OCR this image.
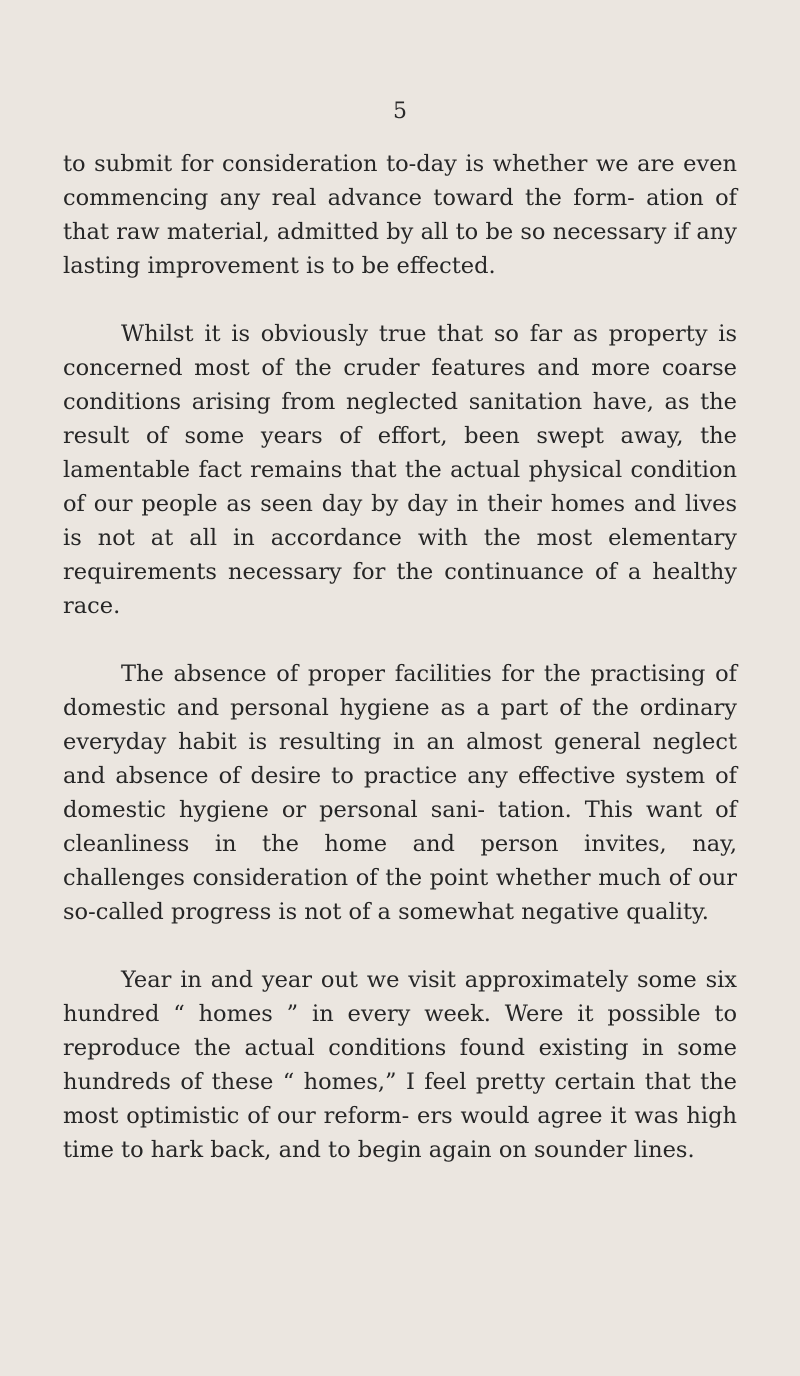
5

to submit for consideration to-day is whether we are even commencing any real advance toward the form- ation of that raw material, admitted by all to be so necessary if any lasting improvement is to be effected.

Whilst it is obviously true that so far as property is concerned most of the cruder features and more coarse conditions arising from neglected sanitation have, as the result of some years of effort, been swept away, the lamentable fact remains that the actual physical condition of our people as seen day by day in their homes and lives is not at all in accordance with the most elementary requirements necessary for the continuance of a healthy race.

The absence of proper facilities for the practising of domestic and personal hygiene as a part of the ordinary everyday habit is resulting in an almost general neglect and absence of desire to practice any effective system of domestic hygiene or personal sani- tation. This want of cleanliness in the home and person invites, nay, challenges consideration of the point whether much of our so-called progress is not of a somewhat negative quality.

Year in and year out we visit approximately some six hundred “ homes ” in every week. Were it possible to reproduce the actual conditions found existing in some hundreds of these “ homes,” I feel pretty certain that the most optimistic of our reform- ers would agree it was high time to hark back, and to begin again on sounder lines.
